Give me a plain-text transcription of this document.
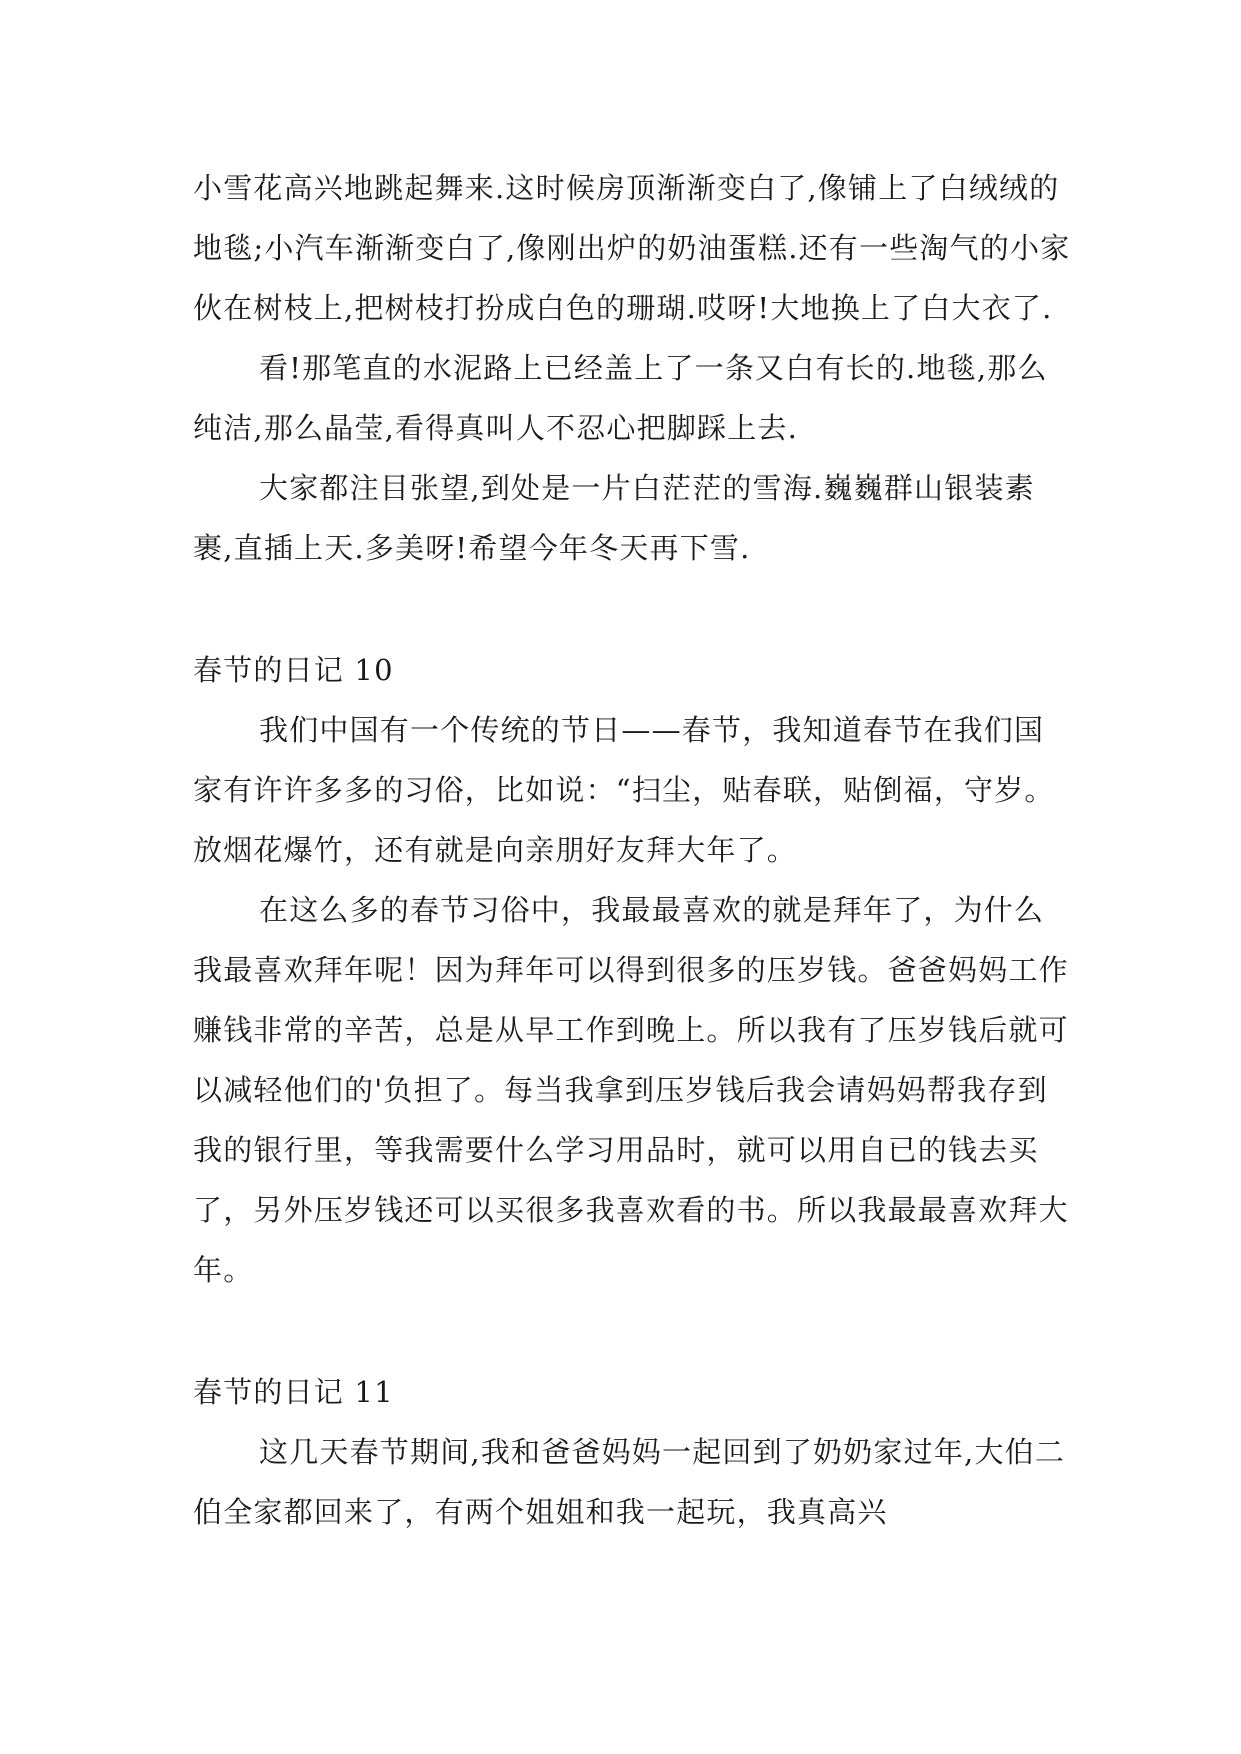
小雪花高兴地跳起舞来.这时候房顶渐渐变白了,像铺上了白绒绒的地毯;小汽车渐渐变白了,像刚出炉的奶油蛋糕.还有一些淘气的小家伙在树枝上,把树枝打扮成白色的珊瑚.哎呀!大地换上了白大衣了.

看!那笔直的水泥路上已经盖上了一条又白有长的.地毯,那么纯洁,那么晶莹,看得真叫人不忍心把脚踩上去.

大家都注目张望,到处是一片白茫茫的雪海.巍巍群山银装素裹,直插上天.多美呀!希望今年冬天再下雪.

春节的日记 10

我们中国有一个传统的节日——春节，我知道春节在我们国家有许许多多的习俗，比如说：“扫尘，贴春联，贴倒福，守岁。放烟花爆竹，还有就是向亲朋好友拜大年了。

在这么多的春节习俗中，我最最喜欢的就是拜年了，为什么我最喜欢拜年呢！因为拜年可以得到很多的压岁钱。爸爸妈妈工作赚钱非常的辛苦，总是从早工作到晚上。所以我有了压岁钱后就可以减轻他们的'负担了。每当我拿到压岁钱后我会请妈妈帮我存到我的银行里，等我需要什么学习用品时，就可以用自已的钱去买了，另外压岁钱还可以买很多我喜欢看的书。所以我最最喜欢拜大年。

春节的日记 11

这几天春节期间,我和爸爸妈妈一起回到了奶奶家过年,大伯二伯全家都回来了，有两个姐姐和我一起玩，我真高兴
